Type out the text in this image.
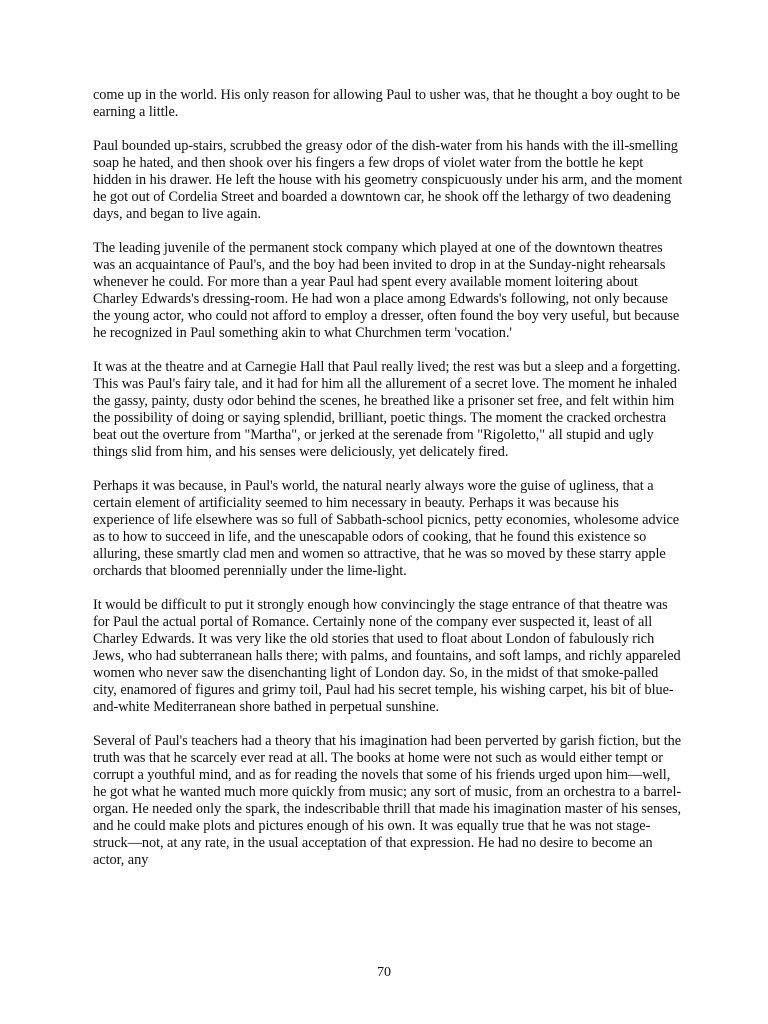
come up in the world. His only reason for allowing Paul to usher was, that he thought a boy ought to be earning a little.

Paul bounded up-stairs, scrubbed the greasy odor of the dish-water from his hands with the ill-smelling soap he hated, and then shook over his fingers a few drops of violet water from the bottle he kept hidden in his drawer. He left the house with his geometry conspicuously under his arm, and the moment he got out of Cordelia Street and boarded a downtown car, he shook off the lethargy of two deadening days, and began to live again.

The leading juvenile of the permanent stock company which played at one of the downtown theatres was an acquaintance of Paul's, and the boy had been invited to drop in at the Sunday-night rehearsals whenever he could. For more than a year Paul had spent every available moment loitering about Charley Edwards's dressing-room. He had won a place among Edwards's following, not only because the young actor, who could not afford to employ a dresser, often found the boy very useful, but because he recognized in Paul something akin to what Churchmen term 'vocation.'

It was at the theatre and at Carnegie Hall that Paul really lived; the rest was but a sleep and a forgetting. This was Paul's fairy tale, and it had for him all the allurement of a secret love. The moment he inhaled the gassy, painty, dusty odor behind the scenes, he breathed like a prisoner set free, and felt within him the possibility of doing or saying splendid, brilliant, poetic things. The moment the cracked orchestra beat out the overture from "Martha", or jerked at the serenade from "Rigoletto," all stupid and ugly things slid from him, and his senses were deliciously, yet delicately fired.

Perhaps it was because, in Paul's world, the natural nearly always wore the guise of ugliness, that a certain element of artificiality seemed to him necessary in beauty. Perhaps it was because his experience of life elsewhere was so full of Sabbath-school picnics, petty economies, wholesome advice as to how to succeed in life, and the unescapable odors of cooking, that he found this existence so alluring, these smartly clad men and women so attractive, that he was so moved by these starry apple orchards that bloomed perennially under the lime-light.

It would be difficult to put it strongly enough how convincingly the stage entrance of that theatre was for Paul the actual portal of Romance. Certainly none of the company ever suspected it, least of all Charley Edwards. It was very like the old stories that used to float about London of fabulously rich Jews, who had subterranean halls there; with palms, and fountains, and soft lamps, and richly appareled women who never saw the disenchanting light of London day. So, in the midst of that smoke-palled city, enamored of figures and grimy toil, Paul had his secret temple, his wishing carpet, his bit of blue-and-white Mediterranean shore bathed in perpetual sunshine.

Several of Paul's teachers had a theory that his imagination had been perverted by garish fiction, but the truth was that he scarcely ever read at all. The books at home were not such as would either tempt or corrupt a youthful mind, and as for reading the novels that some of his friends urged upon him—well, he got what he wanted much more quickly from music; any sort of music, from an orchestra to a barrel-organ. He needed only the spark, the indescribable thrill that made his imagination master of his senses, and he could make plots and pictures enough of his own. It was equally true that he was not stage-struck—not, at any rate, in the usual acceptation of that expression. He had no desire to become an actor, any

70
